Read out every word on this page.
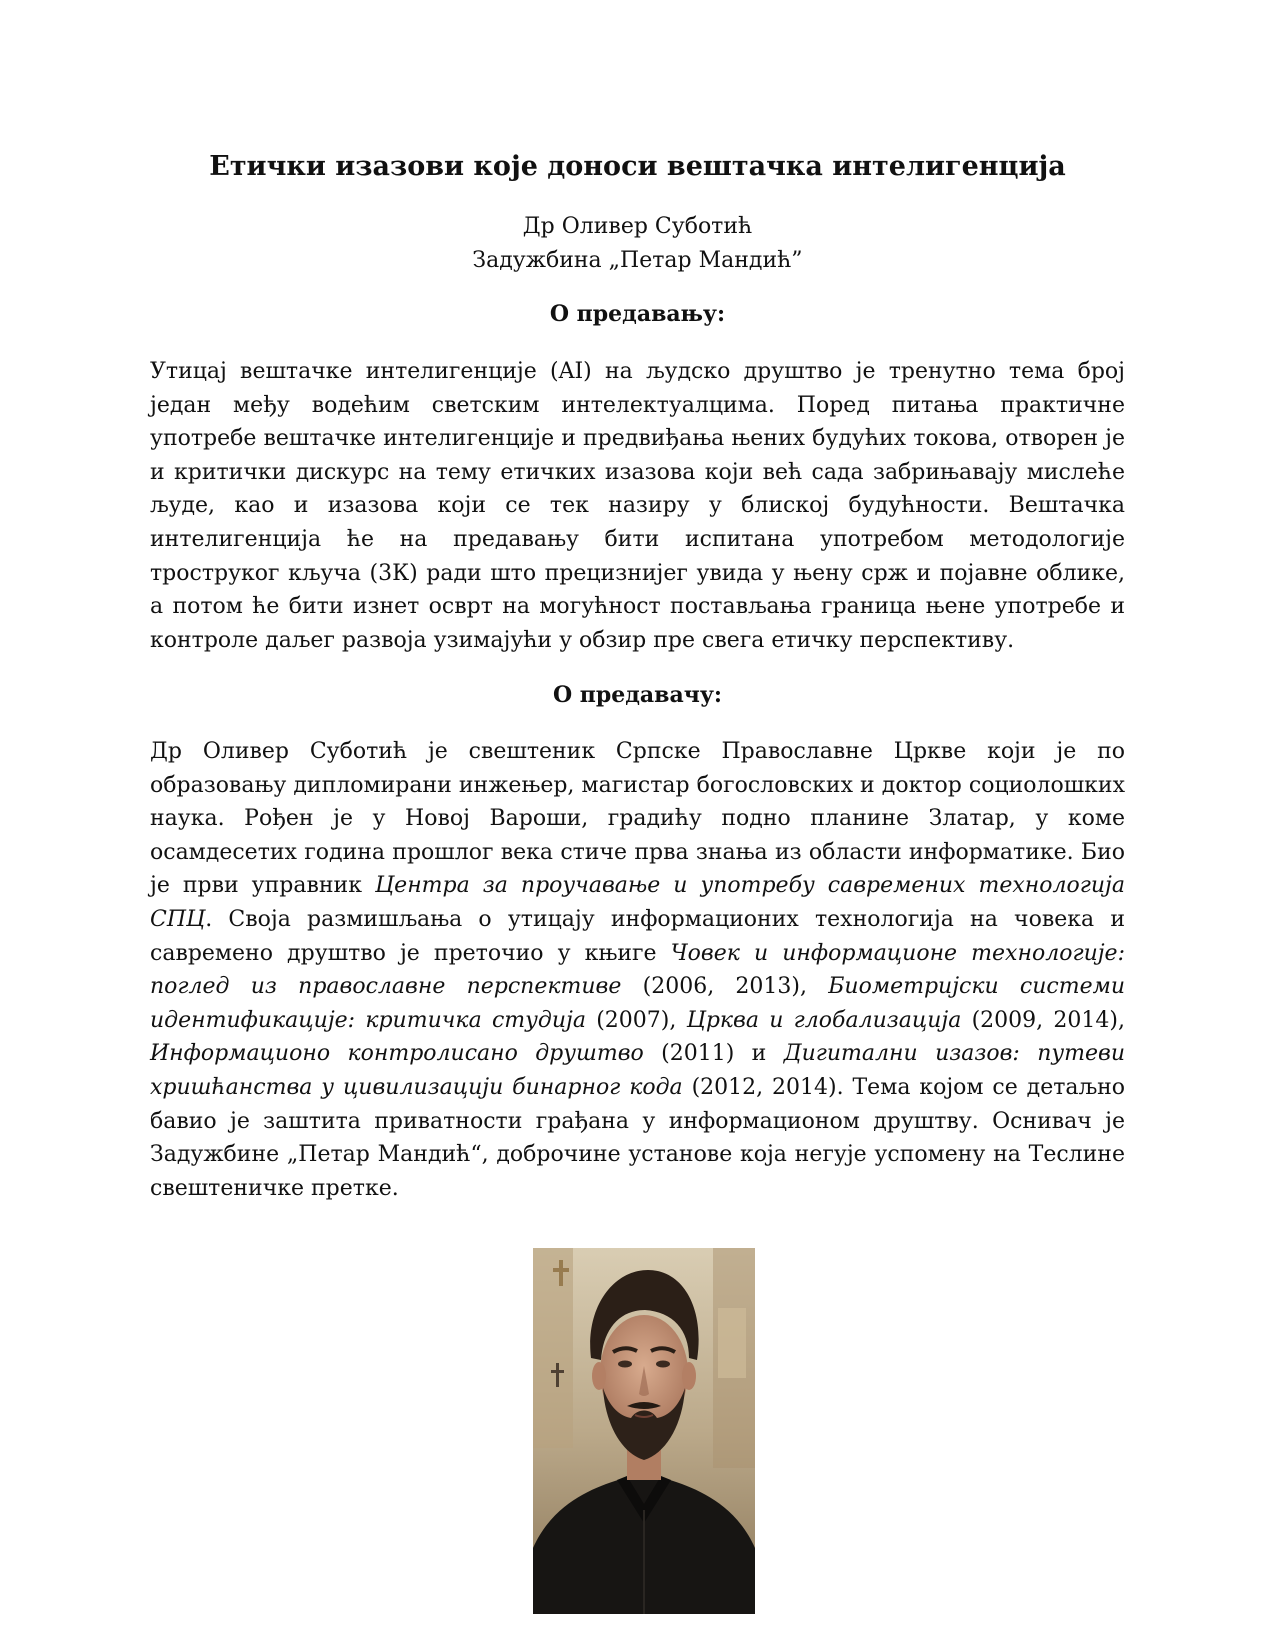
Етички изазови које доноси вештачка интелигенција
Др Оливер Суботић
Задужбина „Петар Мандић”
О предавању:

Утицај вештачке интелигенције (AI) на људско друштво је тренутно тема број један међу водећим светским интелектуалцима. Поред питања практичне употребе вештачке интелигенције и предвиђања њених будућих токова, отворен је и критички дискурс на тему етичких изазова који већ сада забрињавају мислеће људе, као и изазова који се тек назиру у блиској будућности. Вештачка интелигенција ће на предавању бити испитана употребом методологије троструког кључа (3К) ради што прецизнијег увида у њену срж и појавне облике, а потом ће бити изнет осврт на могућност постављања граница њене употребе и контроле даљег развоја узимајући у обзир пре свега етичку перспективу.

О предавачу:

Др Оливер Суботић је свештеник Српске Православне Цркве који је по образовању дипломирани инжењер, магистар богословских и доктор социолошких наука. Рођен је у Новој Вароши, градићу подно планине Златар, у коме осамдесетих година прошлог века стиче прва знања из области информатике. Био је први управник Центра за проучавање и употребу савремених технологија СПЦ. Своја размишљања о утицају информационих технологија на човека и савремено друштво је преточио у књиге Човек и информационе технологије: поглед из православне перспективе (2006, 2013), Биометријски системи идентификације: критичка студија (2007), Црква и глобализација (2009, 2014), Информационо контролисано друштво (2011) и Дигитални изазов: путеви хришћанства у цивилизацији бинарног кода (2012, 2014). Тема којом се детаљно бавио је заштита приватности грађана у информационом друштву. Оснивач је Задужбине „Петар Мандић“, доброчине установе која негује успомену на Теслине свештеничке претке.
